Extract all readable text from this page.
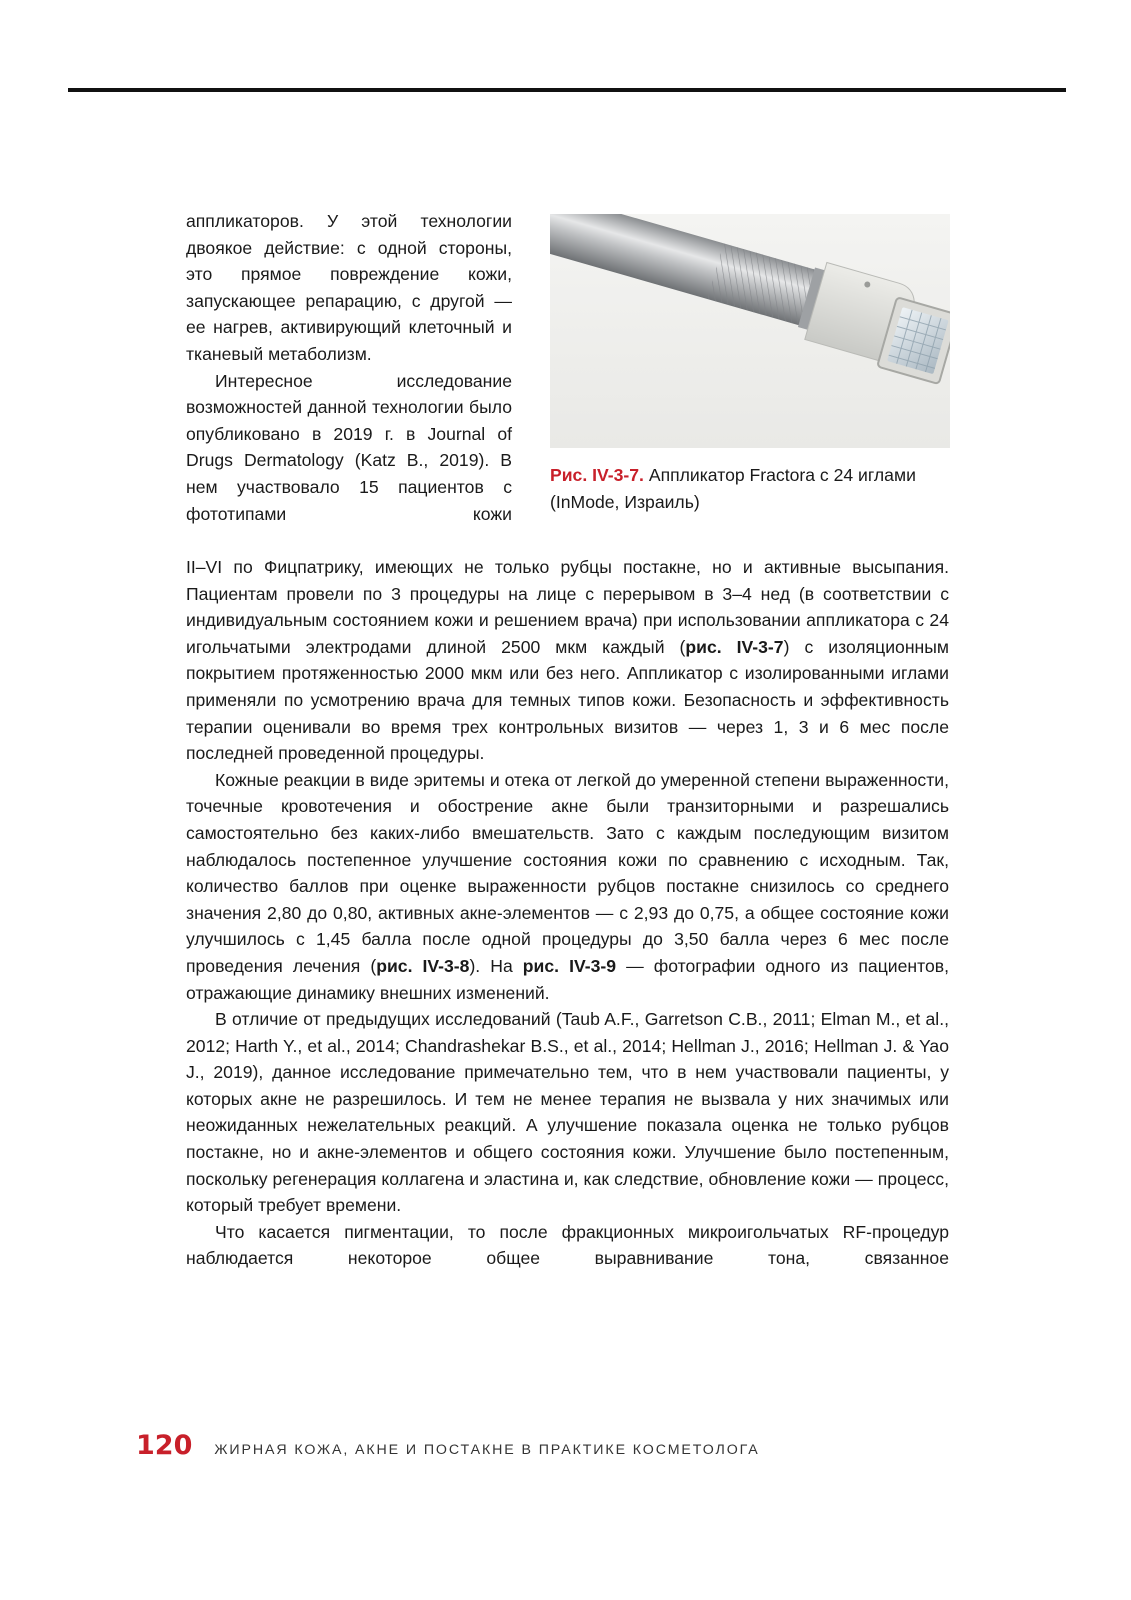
аппликаторов. У этой технологии двоякое действие: с одной стороны, это прямое повреждение кожи, запускающее репарацию, с другой — ее нагрев, активирующий клеточный и тканевый метаболизм.

Интересное исследование возможностей данной технологии было опубликовано в 2019 г. в Journal of Drugs Dermatology (Katz B., 2019). В нем участвовало 15 пациентов с фототипами кожи

Рис. IV-3-7. Аппликатор Fractora с 24 иглами (InMode, Израиль)

II–VI по Фицпатрику, имеющих не только рубцы постакне, но и активные высыпания. Пациентам провели по 3 процедуры на лице с перерывом в 3–4 нед (в соответствии с индивидуальным состоянием кожи и решением врача) при использовании аппликатора с 24 игольчатыми электродами длиной 2500 мкм каждый (рис. IV-3-7) с изоляционным покрытием протяженностью 2000 мкм или без него. Аппликатор с изолированными иглами применяли по усмотрению врача для темных типов кожи. Безопасность и эффективность терапии оценивали во время трех контрольных визитов — через 1, 3 и 6 мес после последней проведенной процедуры.

Кожные реакции в виде эритемы и отека от легкой до умеренной степени выраженности, точечные кровотечения и обострение акне были транзиторными и разрешались самостоятельно без каких-либо вмешательств. Зато с каждым последующим визитом наблюдалось постепенное улучшение состояния кожи по сравнению с исходным. Так, количество баллов при оценке выраженности рубцов постакне снизилось со среднего значения 2,80 до 0,80, активных акне-элементов — с 2,93 до 0,75, а общее состояние кожи улучшилось с 1,45 балла после одной процедуры до 3,50 балла через 6 мес после проведения лечения (рис. IV-3-8). На рис. IV-3-9 — фотографии одного из пациентов, отражающие динамику внешних изменений.

В отличие от предыдущих исследований (Taub A.F., Garretson C.B., 2011; Elman M., et al., 2012; Harth Y., et al., 2014; Chandrashekar B.S., et al., 2014; Hellman J., 2016; Hellman J. & Yao J., 2019), данное исследование примечательно тем, что в нем участвовали пациенты, у которых акне не разрешилось. И тем не менее терапия не вызвала у них значимых или неожиданных нежелательных реакций. А улучшение показала оценка не только рубцов постакне, но и акне-элементов и общего состояния кожи. Улучшение было постепенным, поскольку регенерация коллагена и эластина и, как следствие, обновление кожи — процесс, который требует времени.

Что касается пигментации, то после фракционных микроигольчатых RF-процедур наблюдается некоторое общее выравнивание тона, связанное

120 ЖИРНАЯ КОЖА, АКНЕ И ПОСТАКНЕ В ПРАКТИКЕ КОСМЕТОЛОГА
